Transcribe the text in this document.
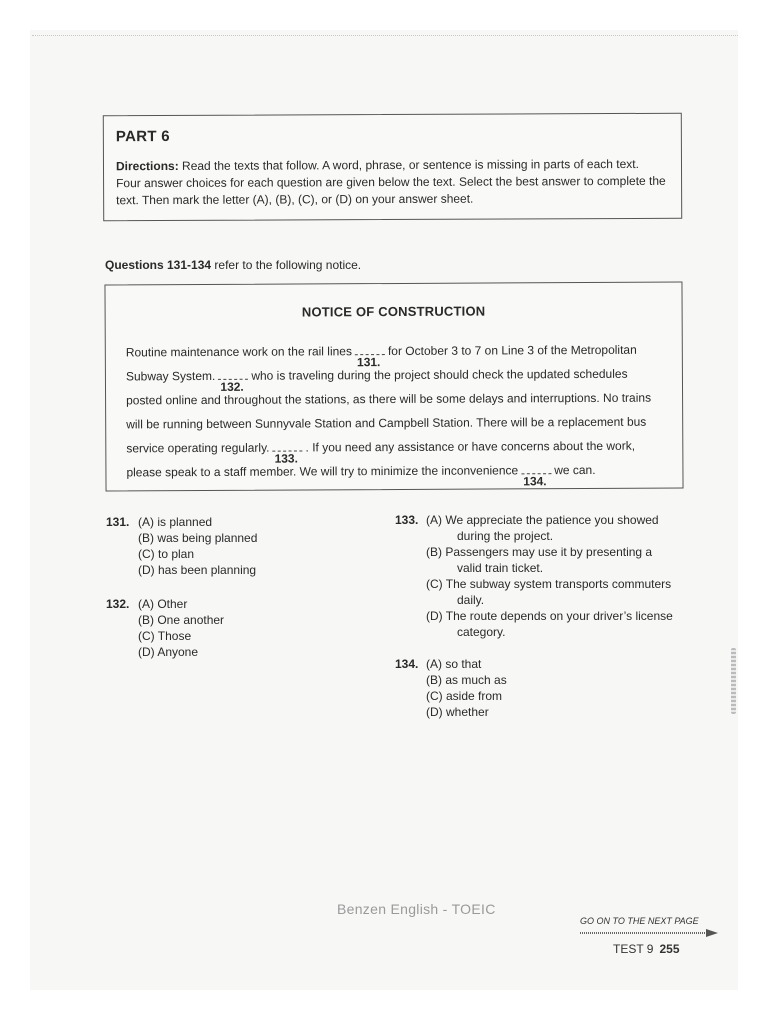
PART 6
Directions: Read the texts that follow. A word, phrase, or sentence is missing in parts of each text.
Four answer choices for each question are given below the text. Select the best answer to complete the
text. Then mark the letter (A), (B), (C), or (D) on your answer sheet.
Questions 131-134 refer to the following notice.
NOTICE OF CONSTRUCTION
Routine maintenance work on the rail lines
131.
for October 3 to 7 on Line 3 of the Metropolitan
Subway System.
132.
who is traveling during the project should check the updated schedules
posted online and throughout the stations, as there will be some delays and interruptions. No trains
will be running between Sunnyvale Station and Campbell Station. There will be a replacement bus
service operating regularly.
133.
. If you need any assistance or have concerns about the work,
please speak to a staff member. We will try to minimize the inconvenience
134.
we can.
131. (A) is planned
(B) was being planned
(C) to plan
(D) has been planning
132. (A) Other
(B) One another
(C) Those
(D) Anyone
133. (A) We appreciate the patience you showed
during the project.
(B) Passengers may use it by presenting a
valid train ticket.
(C) The subway system transports commuters
daily.
(D) The route depends on your driver’s license
category.
134. (A) so that
(B) as much as
(C) aside from
(D) whether
Benzen English - TOEIC
GO ON TO THE NEXT PAGE
TEST 9 255
